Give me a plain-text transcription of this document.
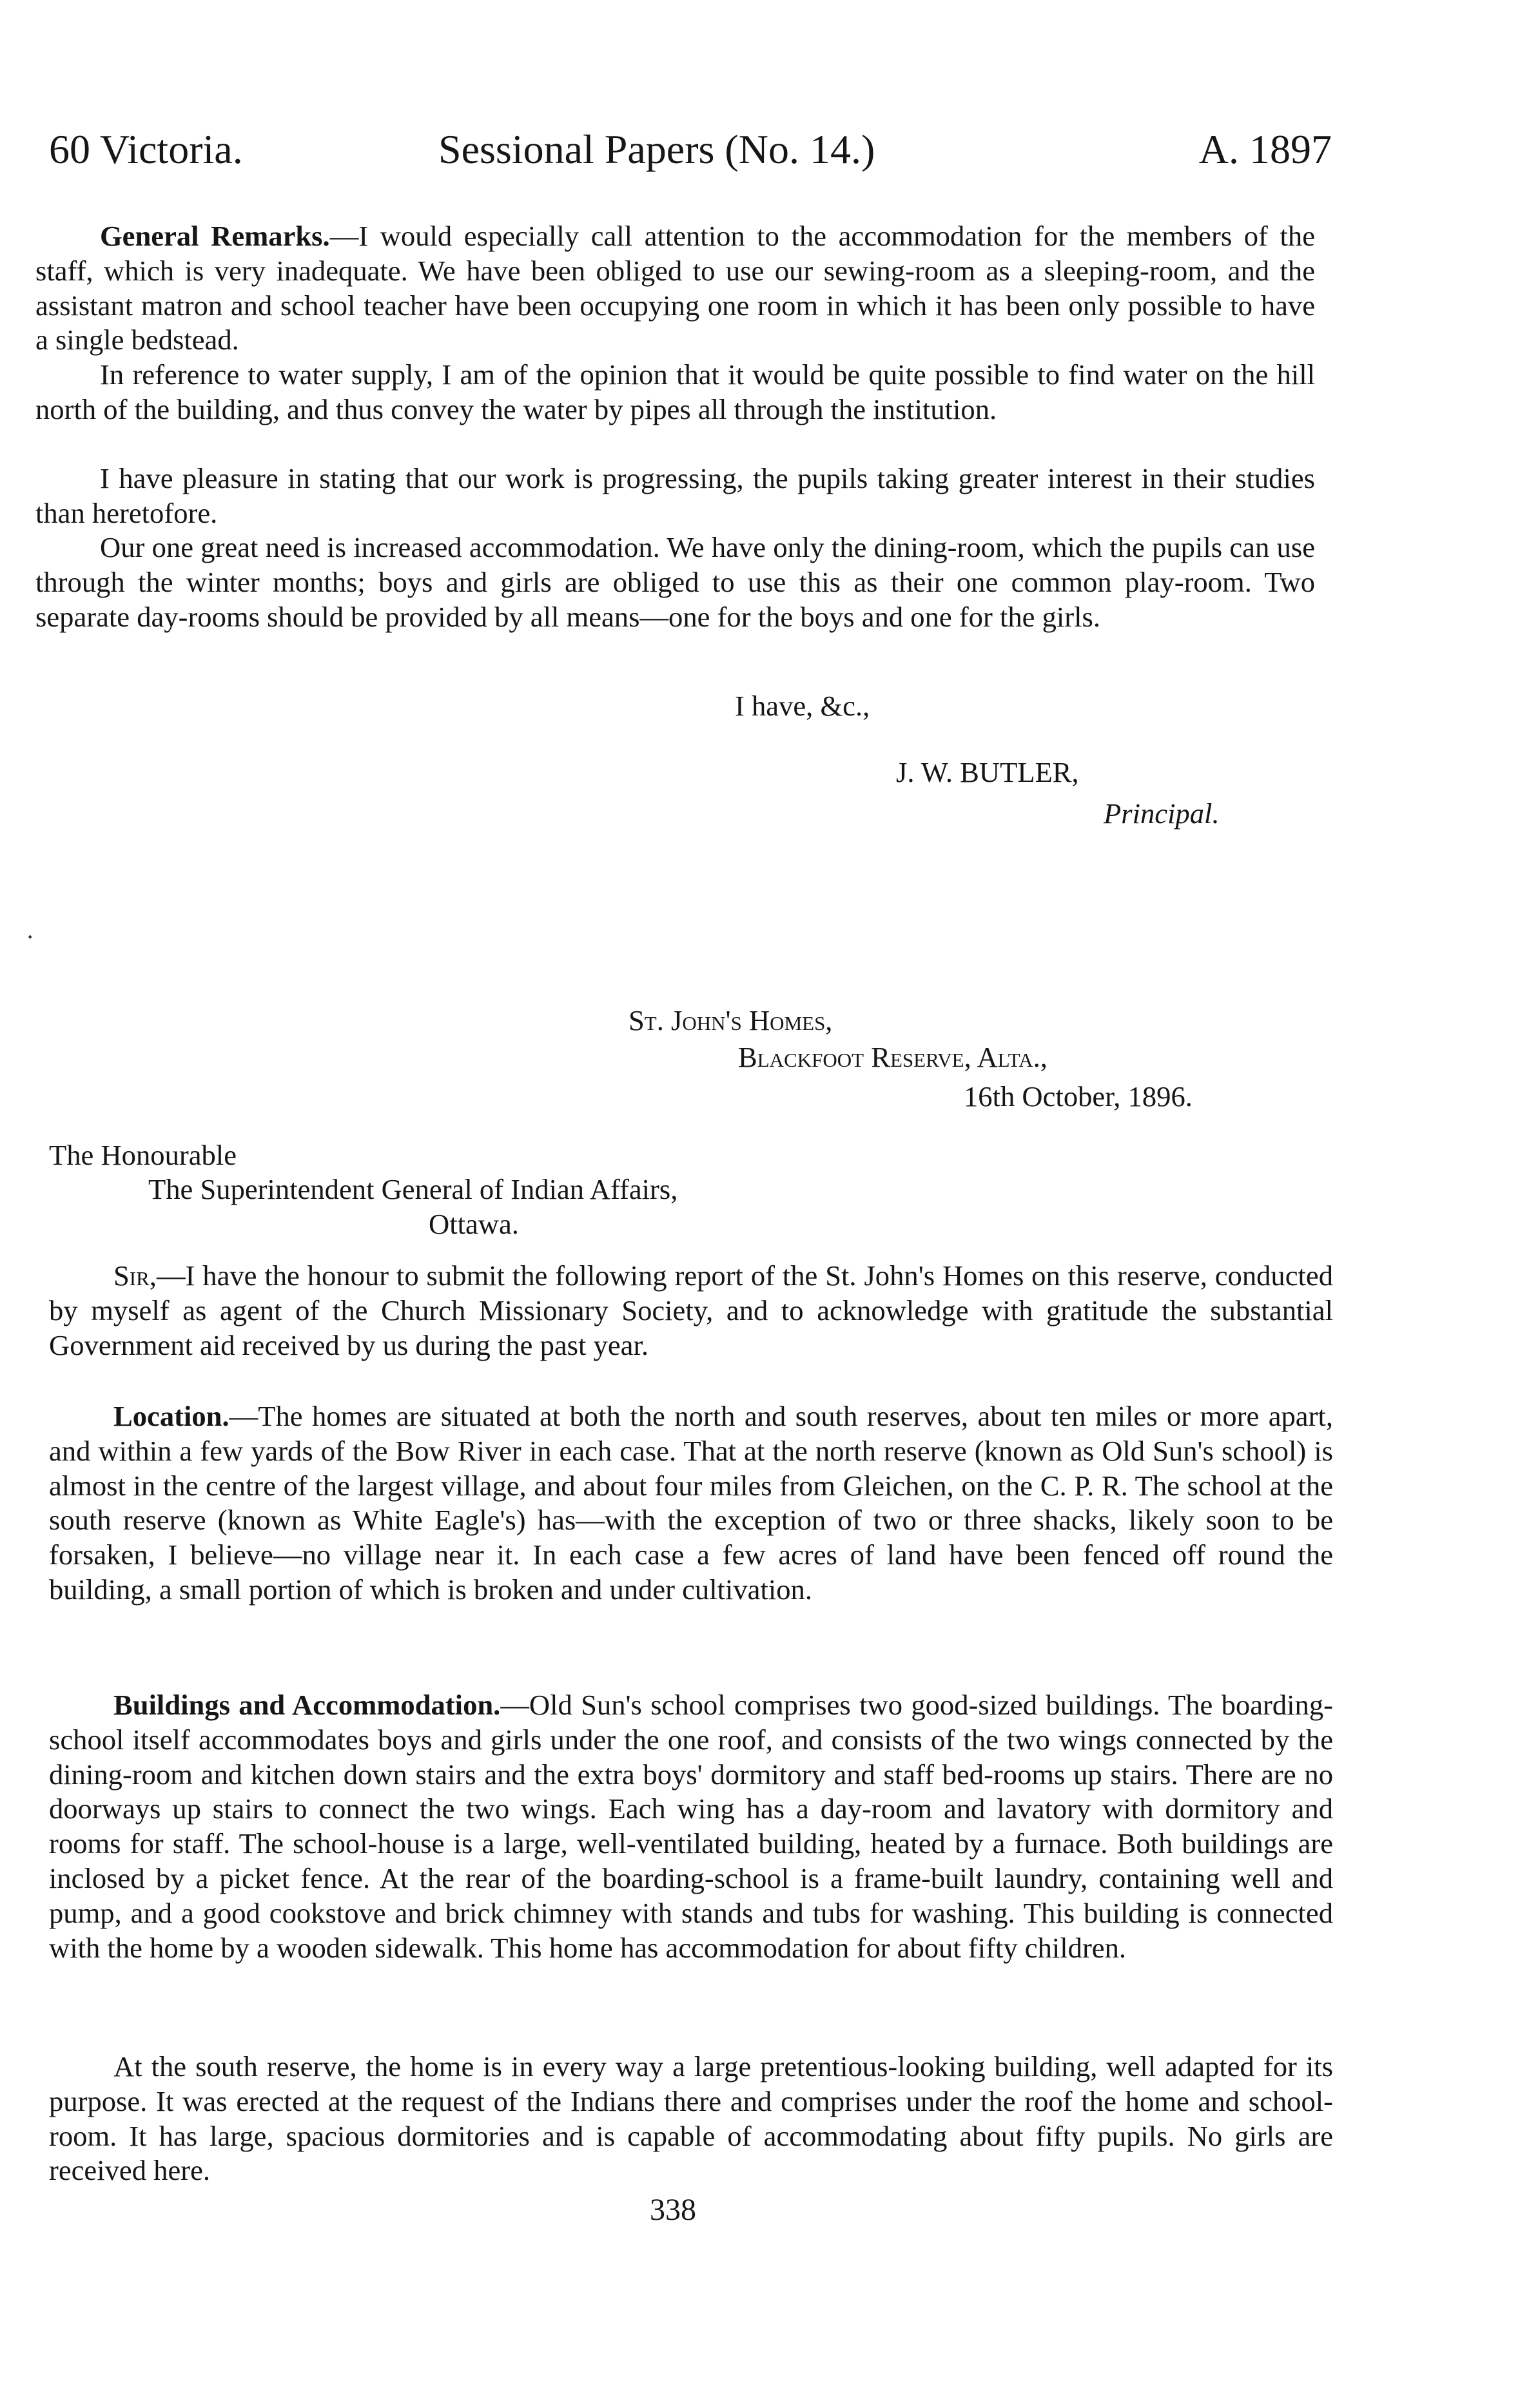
60 Victoria.	Sessional Papers (No. 14.)	A. 1897

General Remarks.—I would especially call attention to the accommodation for the members of the staff, which is very inadequate. We have been obliged to use our sewing-room as a sleeping-room, and the assistant matron and school teacher have been occupying one room in which it has been only possible to have a single bedstead.

In reference to water supply, I am of the opinion that it would be quite possible to find water on the hill north of the building, and thus convey the water by pipes all through the institution.

I have pleasure in stating that our work is progressing, the pupils taking greater interest in their studies than heretofore.

Our one great need is increased accommodation. We have only the dining-room, which the pupils can use through the winter months; boys and girls are obliged to use this as their one common play-room. Two separate day-rooms should be provided by all means—one for the boys and one for the girls.

I have, &c.,
J. W. BUTLER,
Principal.
·
St. John's Homes,
Blackfoot Reserve, Alta.,
16th October, 1896.
The Honourable
The Superintendent General of Indian Affairs,
Ottawa.

Sir,—I have the honour to submit the following report of the St. John's Homes on this reserve, conducted by myself as agent of the Church Missionary Society, and to acknowledge with gratitude the substantial Government aid received by us during the past year.

Location.—The homes are situated at both the north and south reserves, about ten miles or more apart, and within a few yards of the Bow River in each case. That at the north reserve (known as Old Sun's school) is almost in the centre of the largest village, and about four miles from Gleichen, on the C. P. R. The school at the south reserve (known as White Eagle's) has—with the exception of two or three shacks, likely soon to be forsaken, I believe—no village near it. In each case a few acres of land have been fenced off round the building, a small portion of which is broken and under cultivation.

Buildings and Accommodation.—Old Sun's school comprises two good-sized buildings. The boarding-school itself accommodates boys and girls under the one roof, and consists of the two wings connected by the dining-room and kitchen down stairs and the extra boys' dormitory and staff bed-rooms up stairs. There are no doorways up stairs to connect the two wings. Each wing has a day-room and lavatory with dormitory and rooms for staff. The school-house is a large, well-ventilated building, heated by a furnace. Both buildings are inclosed by a picket fence. At the rear of the boarding-school is a frame-built laundry, containing well and pump, and a good cookstove and brick chimney with stands and tubs for washing. This building is connected with the home by a wooden sidewalk. This home has accommodation for about fifty children.

At the south reserve, the home is in every way a large pretentious-looking building, well adapted for its purpose. It was erected at the request of the Indians there and comprises under the roof the home and school-room. It has large, spacious dormitories and is capable of accommodating about fifty pupils. No girls are received here.

338
